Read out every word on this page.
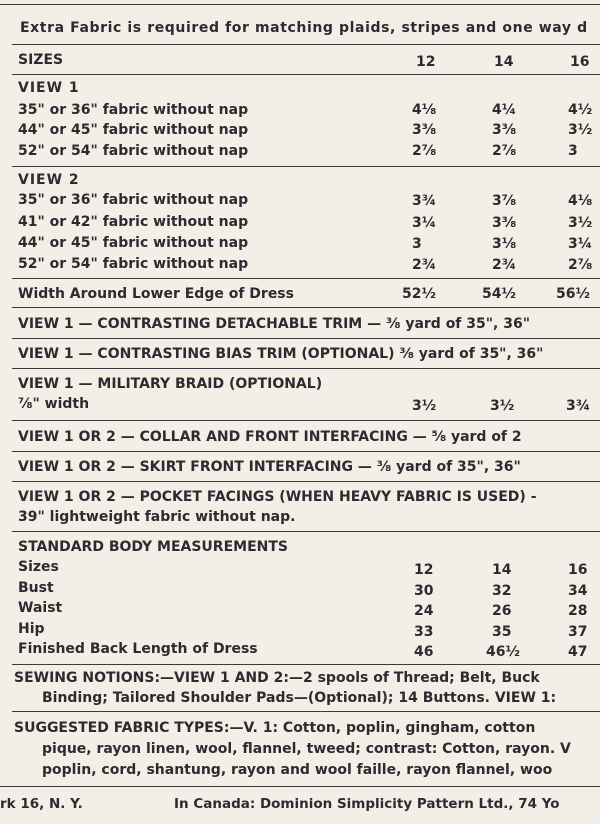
Extra Fabric is required for matching plaids, stripes and one way d
SIZES	12	14	16
VIEW 1
35" or 36" fabric without nap	4⅛	4¼	4½
44" or 45" fabric without nap	3⅜	3⅜	3½
52" or 54" fabric without nap	2⅞	2⅞	3
VIEW 2
35" or 36" fabric without nap	3¾	3⅞	4⅛
41" or 42" fabric without nap	3¼	3⅜	3½
44" or 45" fabric without nap	3	3⅛	3¼
52" or 54" fabric without nap	2¾	2¾	2⅞
Width Around Lower Edge of Dress	52½	54½	56½
VIEW 1 — CONTRASTING DETACHABLE TRIM — ⅜ yard of 35", 36"
VIEW 1 — CONTRASTING BIAS TRIM (OPTIONAL) ⅜ yard of 35", 36"
VIEW 1 — MILITARY BRAID (OPTIONAL)
⅞" width	3½	3½	3¾
VIEW 1 OR 2 — COLLAR AND FRONT INTERFACING — ⅝ yard of 2
VIEW 1 OR 2 — SKIRT FRONT INTERFACING — ⅜ yard of 35", 36"
VIEW 1 OR 2 — POCKET FACINGS (WHEN HEAVY FABRIC IS USED) -
39" lightweight fabric without nap.
STANDARD BODY MEASUREMENTS
Sizes	12	14	16
Bust	30	32	34
Waist	24	26	28
Hip	33	35	37
Finished Back Length of Dress	46	46½	47
SEWING NOTIONS:—VIEW 1 AND 2:—2 spools of Thread; Belt, Buck
Binding; Tailored Shoulder Pads—(Optional); 14 Buttons. VIEW 1:
SUGGESTED FABRIC TYPES:—V. 1: Cotton, poplin, gingham, cotton
pique, rayon linen, wool, flannel, tweed; contrast: Cotton, rayon. V
poplin, cord, shantung, rayon and wool faille, rayon flannel, woo
rk 16, N. Y.	In Canada: Dominion Simplicity Pattern Ltd., 74 Yo
